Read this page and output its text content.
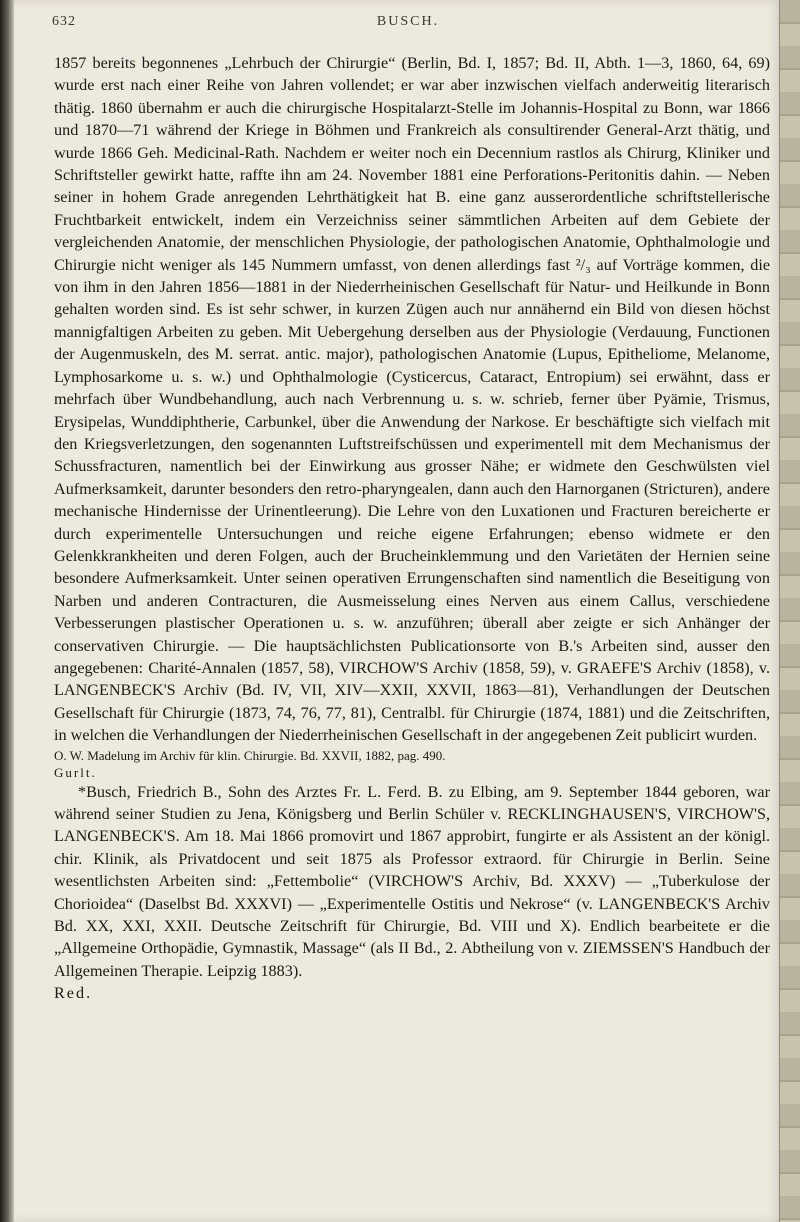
632	BUSCH.

1857 bereits begonnenes „Lehrbuch der Chirurgie“ (Berlin, Bd. I, 1857; Bd. II, Abth. 1—3, 1860, 64, 69) wurde erst nach einer Reihe von Jahren vollendet; er war aber inzwischen vielfach anderweitig literarisch thätig. 1860 übernahm er auch die chirurgische Hospitalarzt-Stelle im Johannis-Hospital zu Bonn, war 1866 und 1870—71 während der Kriege in Böhmen und Frankreich als consultirender General-Arzt thätig, und wurde 1866 Geh. Medicinal-Rath. Nachdem er weiter noch ein Decennium rastlos als Chirurg, Kliniker und Schriftsteller gewirkt hatte, raffte ihn am 24. November 1881 eine Perforations-Peritonitis dahin. — Neben seiner in hohem Grade anregenden Lehrthätigkeit hat B. eine ganz ausserordentliche schriftstellerische Fruchtbarkeit entwickelt, indem ein Verzeichniss seiner sämmtlichen Arbeiten auf dem Gebiete der vergleichenden Anatomie, der menschlichen Physiologie, der pathologischen Anatomie, Ophthalmologie und Chirurgie nicht weniger als 145 Nummern umfasst, von denen allerdings fast ²/₃ auf Vorträge kommen, die von ihm in den Jahren 1856—1881 in der Niederrheinischen Gesellschaft für Natur- und Heilkunde in Bonn gehalten worden sind. Es ist sehr schwer, in kurzen Zügen auch nur annähernd ein Bild von diesen höchst mannigfaltigen Arbeiten zu geben. Mit Uebergehung derselben aus der Physiologie (Verdauung, Functionen der Augenmuskeln, des M. serrat. antic. major), pathologischen Anatomie (Lupus, Epitheliome, Melanome, Lymphosarkome u. s. w.) und Ophthalmologie (Cysticercus, Cataract, Entropium) sei erwähnt, dass er mehrfach über Wundbehandlung, auch nach Verbrennung u. s. w. schrieb, ferner über Pyämie, Trismus, Erysipelas, Wunddiphtherie, Carbunkel, über die Anwendung der Narkose. Er beschäftigte sich vielfach mit den Kriegsverletzungen, den sogenannten Luftstreifschüssen und experimentell mit dem Mechanismus der Schussfracturen, namentlich bei der Einwirkung aus grosser Nähe; er widmete den Geschwülsten viel Aufmerksamkeit, darunter besonders den retro-pharyngealen, dann auch den Harnorganen (Stricturen), andere mechanische Hindernisse der Urinentleerung). Die Lehre von den Luxationen und Fracturen bereicherte er durch experimentelle Untersuchungen und reiche eigene Erfahrungen; ebenso widmete er den Gelenkkrankheiten und deren Folgen, auch der Brucheinklemmung und den Varietäten der Hernien seine besondere Aufmerksamkeit. Unter seinen operativen Errungenschaften sind namentlich die Beseitigung von Narben und anderen Contracturen, die Ausmeisselung eines Nerven aus einem Callus, verschiedene Verbesserungen plastischer Operationen u. s. w. anzuführen; überall aber zeigte er sich Anhänger der conservativen Chirurgie. — Die hauptsächlichsten Publicationsorte von B.'s Arbeiten sind, ausser den angegebenen: Charité-Annalen (1857, 58), VIRCHOW'S Archiv (1858, 59), v. GRAEFE'S Archiv (1858), v. LANGENBECK'S Archiv (Bd. IV, VII, XIV—XXII, XXVII, 1863—81), Verhandlungen der Deutschen Gesellschaft für Chirurgie (1873, 74, 76, 77, 81), Centralbl. für Chirurgie (1874, 1881) und die Zeitschriften, in welchen die Verhandlungen der Niederrheinischen Gesellschaft in der angegebenen Zeit publicirt wurden.

O. W. Madelung im Archiv für klin. Chirurgie. Bd. XXVII, 1882, pag. 490.

Gurlt.

*Busch, Friedrich B., Sohn des Arztes Fr. L. Ferd. B. zu Elbing, am 9. September 1844 geboren, war während seiner Studien zu Jena, Königsberg und Berlin Schüler v. RECKLINGHAUSEN'S, VIRCHOW'S, LANGENBECK'S. Am 18. Mai 1866 promovirt und 1867 approbirt, fungirte er als Assistent an der königl. chir. Klinik, als Privatdocent und seit 1875 als Professor extraord. für Chirurgie in Berlin. Seine wesentlichsten Arbeiten sind: „Fettembolie“ (VIRCHOW'S Archiv, Bd. XXXV) — „Tuberkulose der Chorioidea“ (Daselbst Bd. XXXVI) — „Experimentelle Ostitis und Nekrose“ (v. LANGENBECK'S Archiv Bd. XX, XXI, XXII. Deutsche Zeitschrift für Chirurgie, Bd. VIII und X). Endlich bearbeitete er die „Allgemeine Orthopädie, Gymnastik, Massage“ (als II Bd., 2. Abtheilung von v. ZIEMSSEN'S Handbuch der Allgemeinen Therapie. Leipzig 1883).

Red.
